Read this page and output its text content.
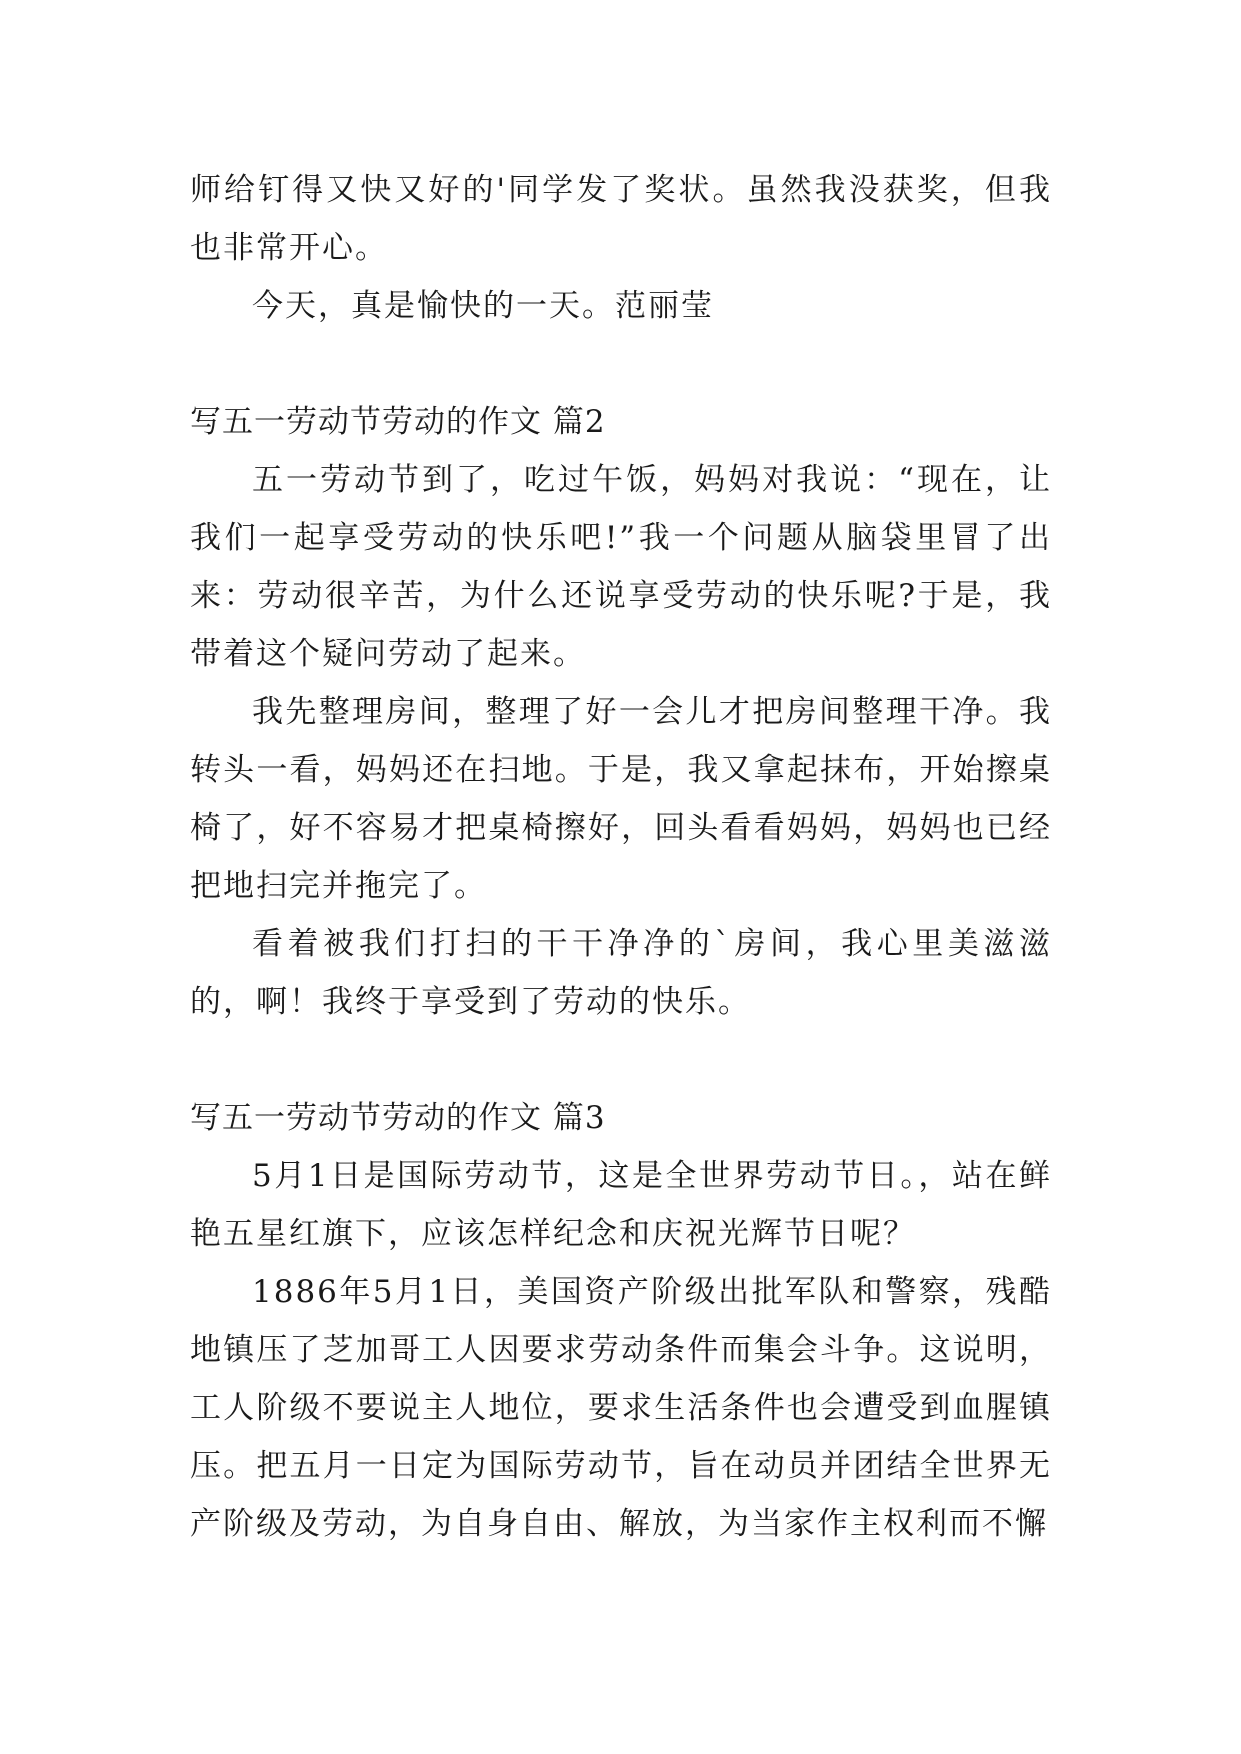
师给钉得又快又好的'同学发了奖状。虽然我没获奖，但我也非常开心。

今天，真是愉快的一天。范丽莹

写五一劳动节劳动的作文 篇2

五一劳动节到了，吃过午饭，妈妈对我说：“现在，让我们一起享受劳动的快乐吧!”我一个问题从脑袋里冒了出来：劳动很辛苦，为什么还说享受劳动的快乐呢?于是，我带着这个疑问劳动了起来。

我先整理房间，整理了好一会儿才把房间整理干净。我转头一看，妈妈还在扫地。于是，我又拿起抹布，开始擦桌椅了，好不容易才把桌椅擦好，回头看看妈妈，妈妈也已经把地扫完并拖完了。

看着被我们打扫的干干净净的`房间，我心里美滋滋的，啊！我终于享受到了劳动的快乐。

写五一劳动节劳动的作文 篇3

5月1日是国际劳动节，这是全世界劳动节日。，站在鲜艳五星红旗下，应该怎样纪念和庆祝光辉节日呢？

1886年5月1日，美国资产阶级出批军队和警察，残酷地镇压了芝加哥工人因要求劳动条件而集会斗争。这说明，工人阶级不要说主人地位，要求生活条件也会遭受到血腥镇压。把五月一日定为国际劳动节，旨在动员并团结全世界无产阶级及劳动，为自身自由、解放，为当家作主权利而不懈
